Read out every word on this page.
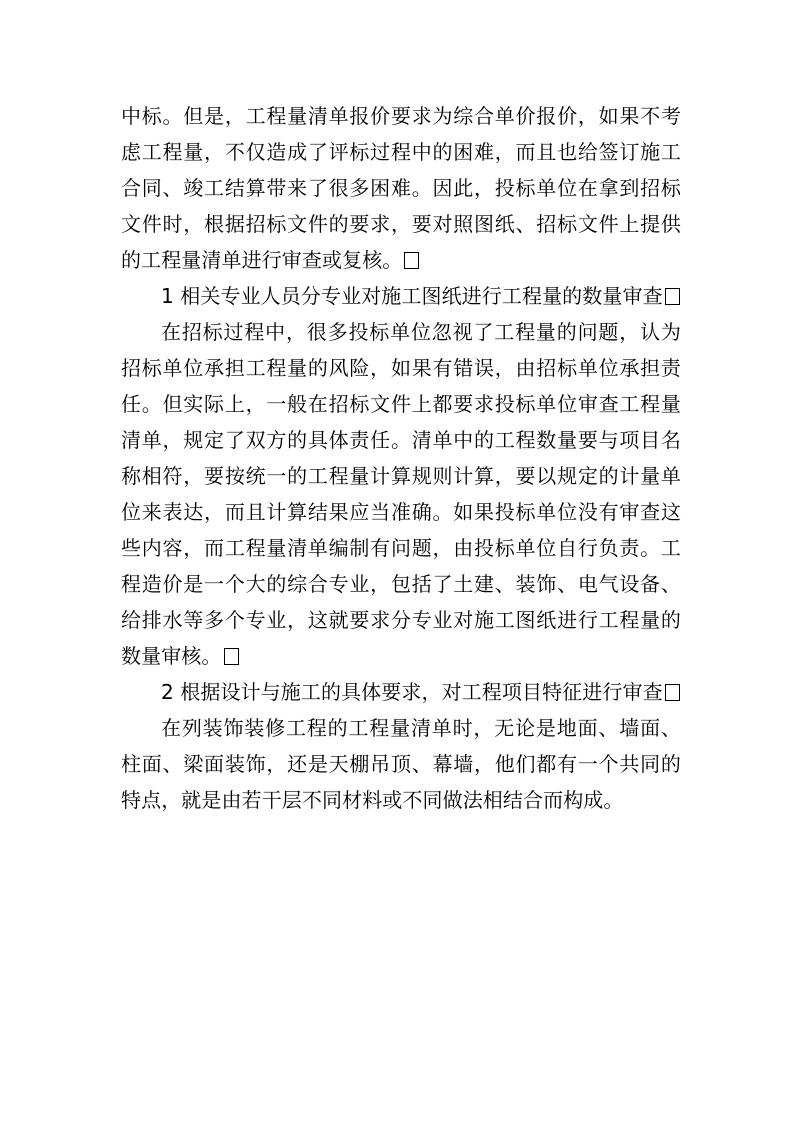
中标。但是，工程量清单报价要求为综合单价报价，如果不考虑工程量，不仅造成了评标过程中的困难，而且也给签订施工合同、竣工结算带来了很多困难。因此，投标单位在拿到招标文件时，根据招标文件的要求，要对照图纸、招标文件上提供的工程量清单进行审查或复核。

1 相关专业人员分专业对施工图纸进行工程量的数量审查

在招标过程中，很多投标单位忽视了工程量的问题，认为招标单位承担工程量的风险，如果有错误，由招标单位承担责任。但实际上，一般在招标文件上都要求投标单位审查工程量清单，规定了双方的具体责任。清单中的工程数量要与项目名称相符，要按统一的工程量计算规则计算，要以规定的计量单位来表达，而且计算结果应当准确。如果投标单位没有审查这些内容，而工程量清单编制有问题，由投标单位自行负责。工程造价是一个大的综合专业，包括了土建、装饰、电气设备、给排水等多个专业，这就要求分专业对施工图纸进行工程量的数量审核。

2 根据设计与施工的具体要求，对工程项目特征进行审查

在列装饰装修工程的工程量清单时，无论是地面、墙面、柱面、梁面装饰，还是天棚吊顶、幕墙，他们都有一个共同的特点，就是由若干层不同材料或不同做法相结合而构成。
